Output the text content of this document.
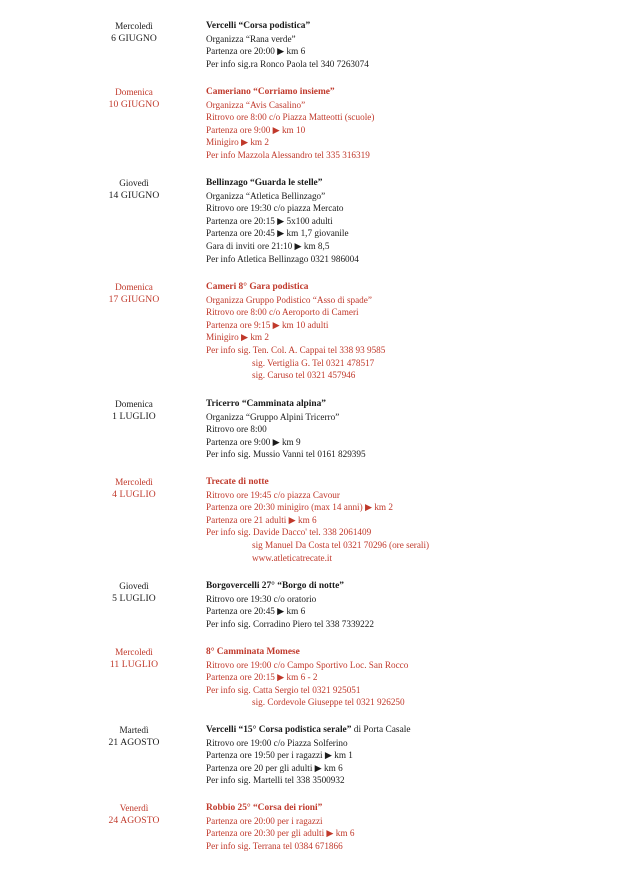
Mercoledì
6 GIUGNO
Vercelli “Corsa podistica”
Organizza “Rana verde”
Partenza ore 20:00 ▶ km 6
Per info sig.ra Ronco Paola tel 340 7263074
Domenica
10 GIUGNO
Cameriano “Corriamo insieme”
Organizza “Avis Casalino”
Ritrovo ore 8:00 c/o Piazza Matteotti (scuole)
Partenza ore 9:00 ▶ km 10
Minigiro ▶ km 2
Per info Mazzola Alessandro tel 335 316319
Giovedì
14 GIUGNO
Bellinzago “Guarda le stelle”
Organizza “Atletica Bellinzago”
Ritrovo ore 19:30 c/o piazza Mercato
Partenza ore 20:15 ▶ 5x100 adulti
Partenza ore 20:45 ▶ km 1,7 giovanile
Gara di inviti ore 21:10 ▶ km 8,5
Per info Atletica Bellinzago 0321 986004
Domenica
17 GIUGNO
Cameri 8° Gara podistica
Organizza Gruppo Podistico “Asso di spade”
Ritrovo ore 8:00 c/o Aeroporto di Cameri
Partenza ore 9:15 ▶ km 10 adulti
Minigiro ▶ km 2
Per info sig. Ten. Col. A. Cappai tel 338 93 9585
sig. Vertiglia G. Tel 0321 478517
sig. Caruso tel 0321 457946
Domenica
1 LUGLIO
Tricerro “Camminata alpina”
Organizza “Gruppo Alpini Tricerro”
Ritrovo ore 8:00
Partenza ore 9:00 ▶ km 9
Per info sig. Mussio Vanni tel 0161 829395
Mercoledì
4 LUGLIO
Trecate di notte
Ritrovo ore 19:45 c/o piazza Cavour
Partenza ore 20:30 minigiro (max 14 anni) ▶ km 2
Partenza ore 21 adulti ▶ km 6
Per info sig. Davide Dacco' tel. 338 2061409
sig Manuel Da Costa tel 0321 70296 (ore serali)
www.atleticatrecate.it
Giovedì
5 LUGLIO
Borgovercelli 27° “Borgo di notte”
Ritrovo ore 19:30 c/o oratorio
Partenza ore 20:45 ▶ km 6
Per info sig. Corradino Piero tel 338 7339222
Mercoledì
11 LUGLIO
8° Camminata Momese
Ritrovo ore 19:00 c/o Campo Sportivo Loc. San Rocco
Partenza ore 20:15 ▶ km 6 - 2
Per info sig. Catta Sergio tel 0321 925051
sig. Cordevole Giuseppe tel 0321 926250
Martedì
21 AGOSTO
Vercelli “15° Corsa podistica serale” di Porta Casale
Ritrovo ore 19:00 c/o Piazza Solferino
Partenza ore 19:50 per i ragazzi ▶ km 1
Partenza ore 20 per gli adulti ▶ km 6
Per info sig. Martelli tel 338 3500932
Venerdì
24 AGOSTO
Robbio 25° “Corsa dei rioni”
Partenza ore 20:00 per i ragazzi
Partenza ore 20:30 per gli adulti ▶ km 6
Per info sig. Terrana tel 0384 671866
